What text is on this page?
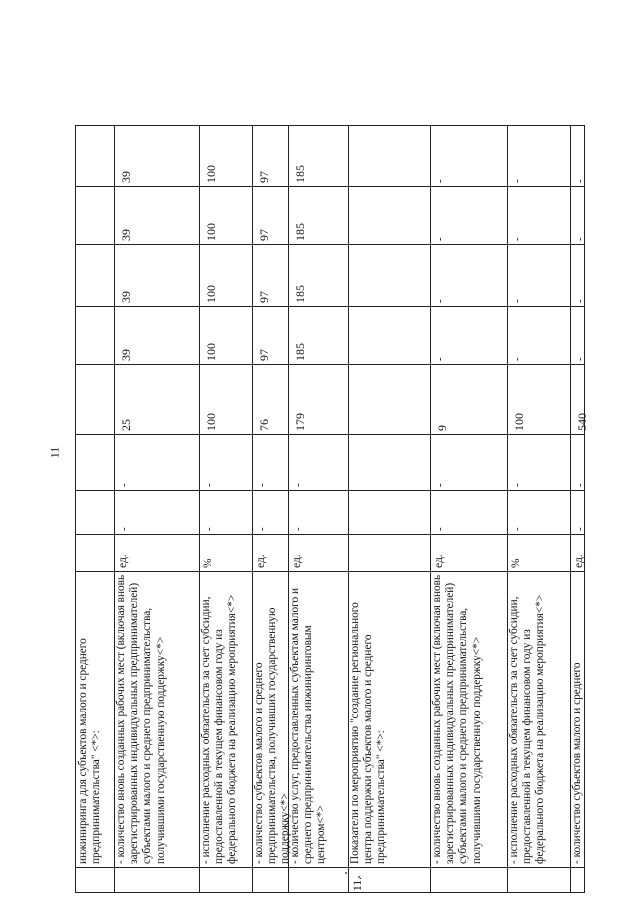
11
инжиниринга для субъектов малого и среднего предпринимательства" <*>: - количество вновь созданных рабочих мест (включая вновь зарегистрированных индивидуальных предпринимателей) субъектами малого и среднего предпринимательства, получившими государственную поддержку<*>
ед.
-
-
25
39
39
39
39
- исполнение расходных обязательств за счет субсидии, предоставленной в текущем финансовом году из федерального бюджета на реализацию мероприятия<*>
%
-
-
100
100
100
100
100
- количество субъектов малого и среднего предпринимательства, получивших государственную поддержку<*>
ед.
-
-
76
97
97
97
97
- количество услуг, предоставленных субъектам малого и среднего предпринимательства инжиниринговым центром<*>
ед.
-
-
179
185
185
185
185
11.
Показатели по мероприятию "создание регионального центра поддержки субъектов малого и среднего предпринимательства" <*>:	- количество вновь созданных рабочих мест (включая вновь зарегистрированных индивидуальных предпринимателей) субъектами малого и среднего предпринимательства, получившими государственную поддержку<*>
ед.
-
-
9
-
-
-
-
- исполнение расходных обязательств за счет субсидии, предоставленной в текущем финансовом году из федерального бюджета на реализацию мероприятия<*>
%
-
-
100
-
-
-
-
- количество субъектов малого и среднего
ед.
-
-
540
-
-
-
-
